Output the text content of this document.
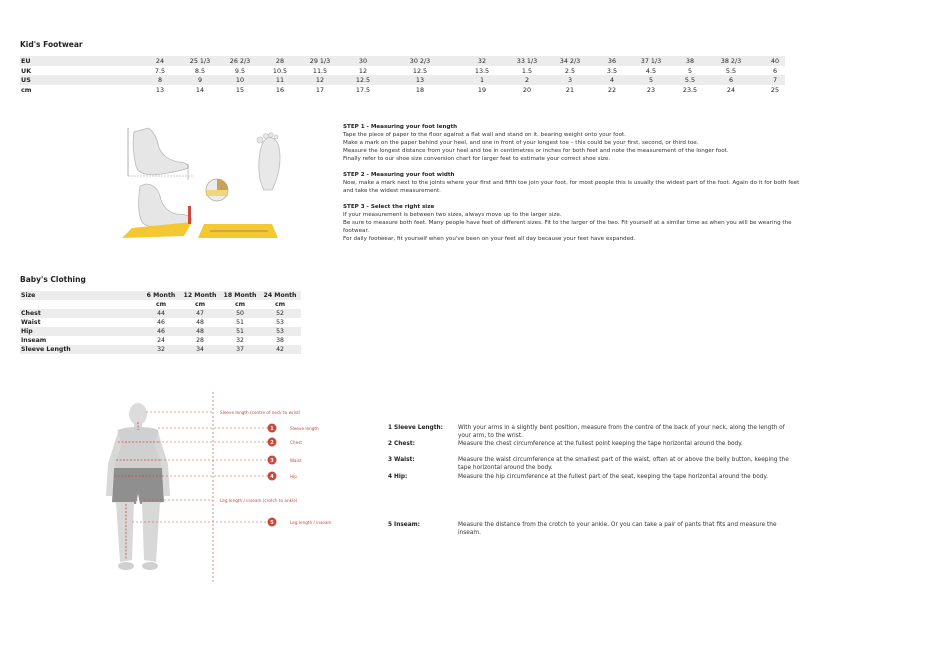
Kid's Footwear
EU	24	25 1/3	26 2/3	28	29 1/3	30	30 2/3	32	33 1/3	34 2/3	36	37 1/3	38	38 2/3	40
UK	7.5	8.5	9.5	10.5	11.5	12	12.5	13.5	1.5	2.5	3.5	4.5	5	5.5	6
US	8	9	10	11	12	12.5	13	1	2	3	4	5	5.5	6	7
cm	13	14	15	16	17	17.5	18	19	20	21	22	23	23.5	24	25

STEP 1 - Measuring your foot length

Tape the piece of paper to the floor against a flat wall and stand on it, bearing weight onto your foot.

Make a mark on the paper behind your heel, and one in front of your longest toe – this could be your first, second, or third toe.

Measure the longest distance from your heel and toe in centimetres or inches for both feet and note the measurement of the longer foot.

Finally refer to our shoe size conversion chart for larger feet to estimate your correct shoe size.

STEP 2 - Measuring your foot width

Now, make a mark next to the joints where your first and fifth toe join your foot, for most people this is usually the widest part of the foot. Again do it for both feet and take the widest measurement.

STEP 3 - Select the right size

If your measurement is between two sizes, always move up to the larger size.

Be sure to measure both feet. Many people have feet of different sizes. Fit to the larger of the two. Fit yourself at a similar time as when you will be wearing the footwear.

For daily footwear, fit yourself when you've been on your feet all day because your feet have expanded.

Baby's Clothing
Size	6 Month 12 Month 18 Month 24 Month
cm	cm	cm	cm
Chest	44	47	50	52
Waist	46	48	51	53
Hip	46	48	51	53
Inseam	24	28	32	38
Sleeve Length	32	34	37	42
Sleeve length (centre of neck to wrist)
Leg length / inseam (crotch to ankle)
1	Sleeve length
2	Chest
3	Waist
4	Hip
5	Leg length / inseam
1 Sleeve Length:	With your arms in a slightly bent position, measure from the centre of the back of your neck, along the length of your arm, to the wrist.
2 Chest:	Measure the chest circumference at the fullest point keeping the tape horizontal around the body.
3 Waist:	Measure the waist circumference at the smallest part of the waist, often at or above the belly button, keeping the tape horizontal around the body.
4 Hip:	Measure the hip circumference at the fullest part of the seat, keeping the tape horizontal around the body.
5 Inseam:	Measure the distance from the crotch to your ankle. Or you can take a pair of pants that fits and measure the inseam.
